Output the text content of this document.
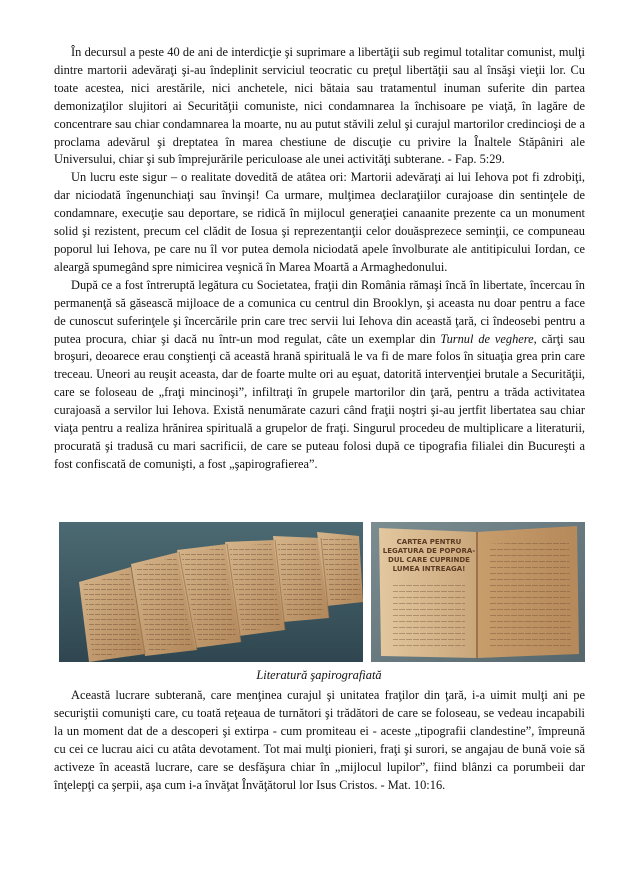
În decursul a peste 40 de ani de interdicţie şi suprimare a libertăţii sub regimul totalitar comunist, mulţi dintre martorii adevăraţi şi-au îndeplinit serviciul teocratic cu preţul libertăţii sau al însăşi vieţii lor. Cu toate acestea, nici arestările, nici anchetele, nici bătaia sau tratamentul inuman suferite din partea demonizaţilor slujitori ai Securităţii comuniste, nici condamnarea la închisoare pe viaţă, în lagăre de concentrare sau chiar condamnarea la moarte, nu au putut stăvili zelul şi curajul martorilor credincioşi de a proclama adevărul şi dreptatea în marea chestiune de discuţie cu privire la Înaltele Stăpâniri ale Universului, chiar şi sub împrejurările periculoase ale unei activităţi subterane. - Fap. 5:29.

Un lucru este sigur – o realitate dovedită de atâtea ori: Martorii adevăraţi ai lui Iehova pot fi zdrobiţi, dar niciodată îngenunchiaţi sau învinşi! Ca urmare, mulţimea declaraţiilor curajoase din sentinţele de condamnare, execuţie sau deportare, se ridică în mijlocul generaţiei canaanite prezente ca un monument solid şi rezistent, precum cel clădit de Iosua şi reprezentanţii celor douăsprezece seminţii, ce compuneau poporul lui Iehova, pe care nu îl vor putea demola niciodată apele învolburate ale antitipicului Iordan, ce aleargă spumegând spre nimicirea veşnică în Marea Moartă a Armaghedonului.

După ce a fost întreruptă legătura cu Societatea, fraţii din România rămaşi încă în libertate, încercau în permanenţă să găsească mijloace de a comunica cu centrul din Brooklyn, şi aceasta nu doar pentru a face de cunoscut suferinţele şi încercările prin care trec servii lui Iehova din această ţară, ci îndeosebi pentru a putea procura, chiar şi dacă nu într-un mod regulat, câte un exemplar din Turnul de veghere, cărţi sau broşuri, deoarece erau conştienţi că această hrană spirituală le va fi de mare folos în situaţia grea prin care treceau. Uneori au reuşit aceasta, dar de foarte multe ori au eşuat, datorită intervenţiei brutale a Securităţii, care se foloseau de „fraţi mincinoşi”, infiltraţi în grupele martorilor din ţară, pentru a trăda activitatea curajoasă a servilor lui Iehova. Există nenumărate cazuri când fraţii noştri şi-au jertfit libertatea sau chiar viaţa pentru a realiza hrănirea spirituală a grupelor de fraţi. Singurul procedeu de multiplicare a literaturii, procurată şi tradusă cu mari sacrificii, de care se puteau folosi după ce tipografia filialei din Bucureşti a fost confiscată de comunişti, a fost „şapirografierea”.

CARTEA PENTRU
LEGATURA DE POPORA-
DUL CARE CUPRINDE
LUMEA INTREAGA!
Literatură şapirografiată

Această lucrare subterană, care menţinea curajul şi unitatea fraţilor din ţară, i-a uimit mulţi ani pe securiştii comunişti care, cu toată reţeaua de turnători şi trădători de care se foloseau, se vedeau incapabili la un moment dat de a descoperi şi extirpa - cum promiteau ei - aceste „tipografii clandestine”, împreună cu cei ce lucrau aici cu atâta devotament. Tot mai mulţi pionieri, fraţi şi surori, se angajau de bună voie să activeze în această lucrare, care se desfăşura chiar în „mijlocul lupilor”, fiind blânzi ca porumbeii dar înţelepţi ca şerpii, aşa cum i-a învăţat Învăţătorul lor Isus Cristos. - Mat. 10:16.
